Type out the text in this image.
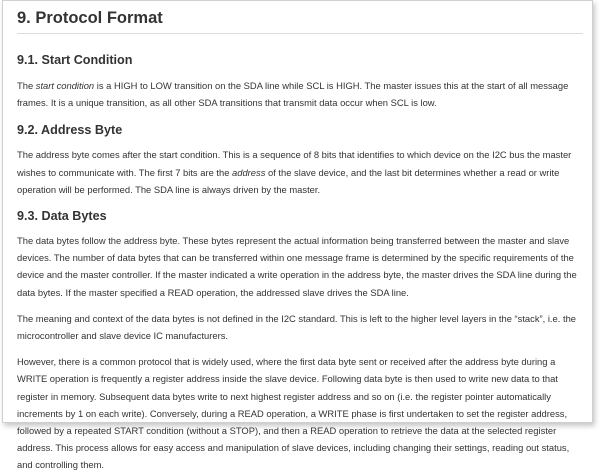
9. Protocol Format
9.1. Start Condition

The start condition is a HIGH to LOW transition on the SDA line while SCL is HIGH. The master issues this at the start of all message frames. It is a unique transition, as all other SDA transitions that transmit data occur when SCL is low.

9.2. Address Byte

The address byte comes after the start condition. This is a sequence of 8 bits that identifies to which device on the I2C bus the master wishes to communicate with. The first 7 bits are the address of the slave device, and the last bit determines whether a read or write operation will be performed. The SDA line is always driven by the master.

9.3. Data Bytes

The data bytes follow the address byte. These bytes represent the actual information being transferred between the master and slave devices. The number of data bytes that can be transferred within one message frame is determined by the specific requirements of the device and the master controller. If the master indicated a write operation in the address byte, the master drives the SDA line during the data bytes. If the master specified a READ operation, the addressed slave drives the SDA line.

The meaning and context of the data bytes is not defined in the I2C standard. This is left to the higher level layers in the “stack”, i.e. the microcontroller and slave device IC manufacturers.

However, there is a common protocol that is widely used, where the first data byte sent or received after the address byte during a WRITE operation is frequently a register address inside the slave device. Following data byte is then used to write new data to that register in memory. Subsequent data bytes write to next highest register address and so on (i.e. the register pointer automatically increments by 1 on each write). Conversely, during a READ operation, a WRITE phase is first undertaken to set the register address, followed by a repeated START condition (without a STOP), and then a READ operation to retrieve the data at the selected register address. This process allows for easy access and manipulation of slave devices, including changing their settings, reading out status, and controlling them.
